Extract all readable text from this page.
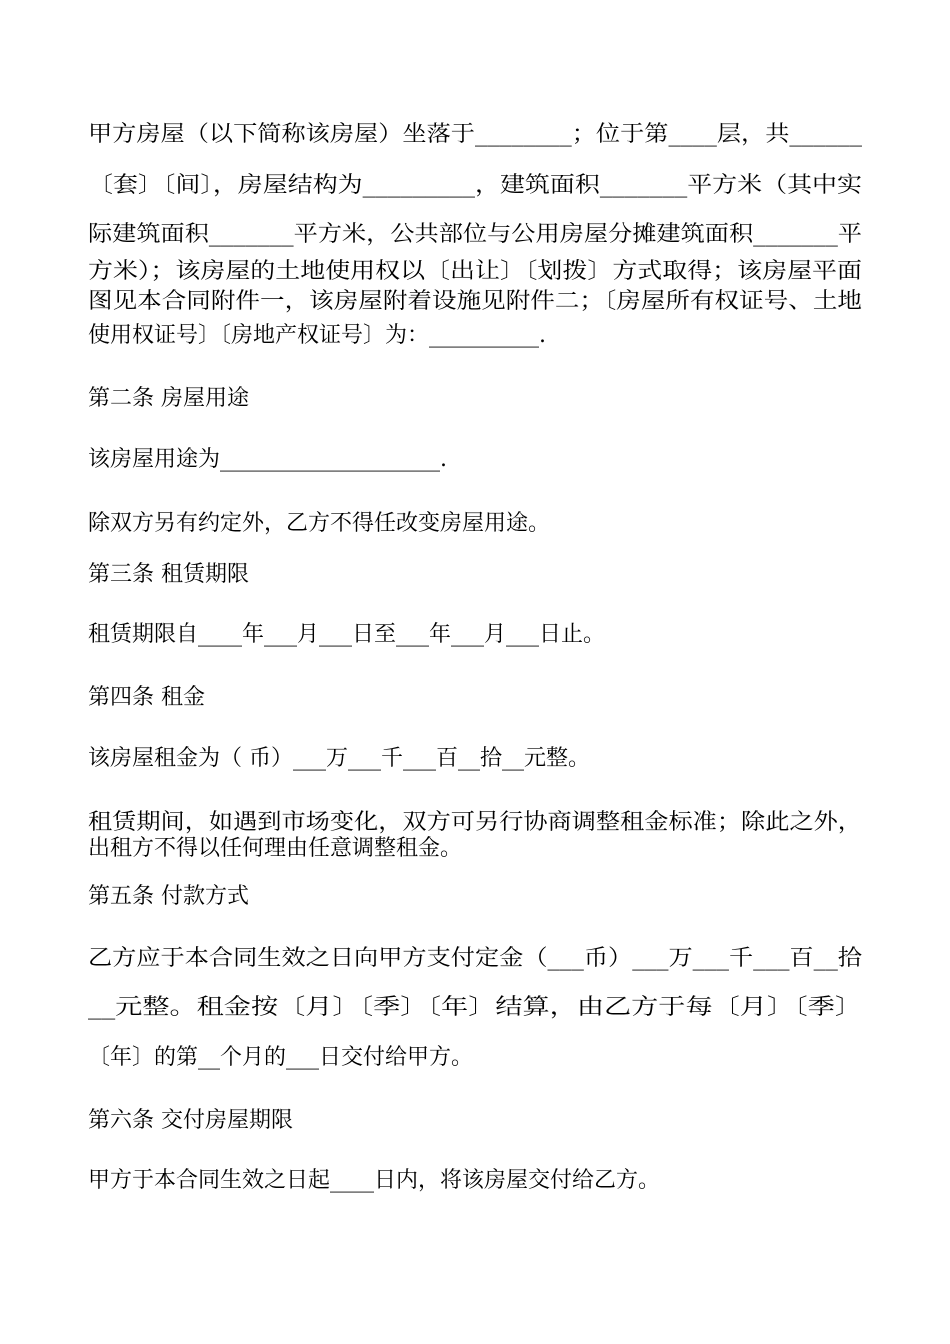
甲方房屋（以下简称该房屋）坐落于________；位于第____层，共______

〔套〕〔间〕，房屋结构为_________，建筑面积_______平方米（其中实

际建筑面积_______平方米，公共部位与公用房屋分摊建筑面积_______平

方米）；该房屋的土地使用权以〔出让〕〔划拨〕方式取得；该房屋平面

图见本合同附件一，该房屋附着设施见附件二；〔房屋所有权证号、土地

使用权证号〕〔房地产权证号〕为：__________.

第二条 房屋用途

该房屋用途为____________________.

除双方另有约定外，乙方不得任改变房屋用途。

第三条 租赁期限

租赁期限自____年___月___日至___年___月___日止。

第四条 租金

该房屋租金为（ 币）___万___千___百__拾__元整。

租赁期间，如遇到市场变化，双方可另行协商调整租金标准；除此之外，

出租方不得以任何理由任意调整租金。

第五条 付款方式

乙方应于本合同生效之日向甲方支付定金（___币）___万___千___百__拾

__元整。租金按〔月〕〔季〕〔年〕结算，由乙方于每〔月〕〔季〕

〔年〕的第__个月的___日交付给甲方。

第六条 交付房屋期限

甲方于本合同生效之日起____日内，将该房屋交付给乙方。
